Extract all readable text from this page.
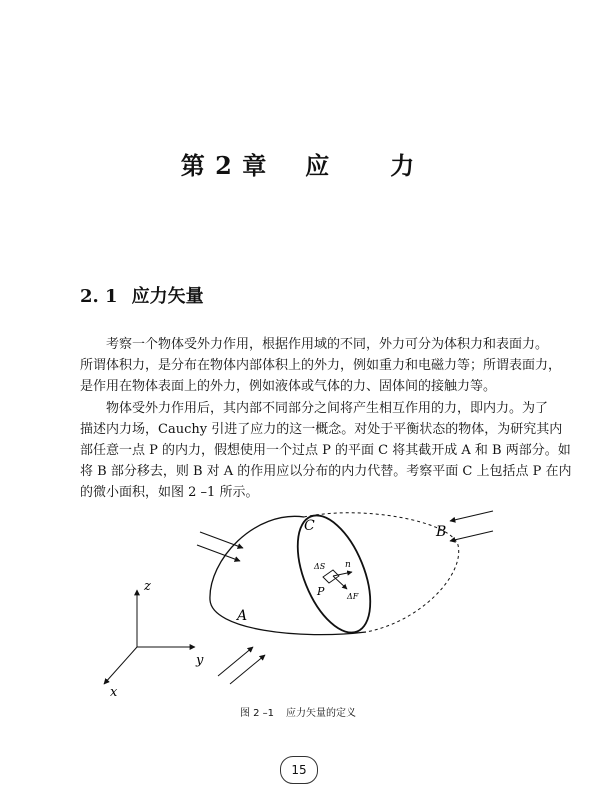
第 2 章 应	力
2. 1 应力矢量
考察一个物体受外力作用，根据作用域的不同，外力可分为体积力和表面力。
所谓体积力，是分布在物体内部体积上的外力，例如重力和电磁力等；所谓表面力，
是作用在物体表面上的外力，例如液体或气体的力、固体间的接触力等。
物体受外力作用后，其内部不同部分之间将产生相互作用的力，即内力。为了
描述内力场，Cauchy 引进了应力的这一概念。对处于平衡状态的物体，为研究其内
部任意一点 P 的内力，假想使用一个过点 P 的平面 C 将其截开成 A 和 B 两部分。如
将 B 部分移去，则 B 对 A 的作用应以分布的内力代替。考察平面 C 上包括点 P 在内
的微小面积，如图 2 –1 所示。
C	B
A
z
y
x
P
ΔS n
ΔF
图 2 –1 应力矢量的定义
15
